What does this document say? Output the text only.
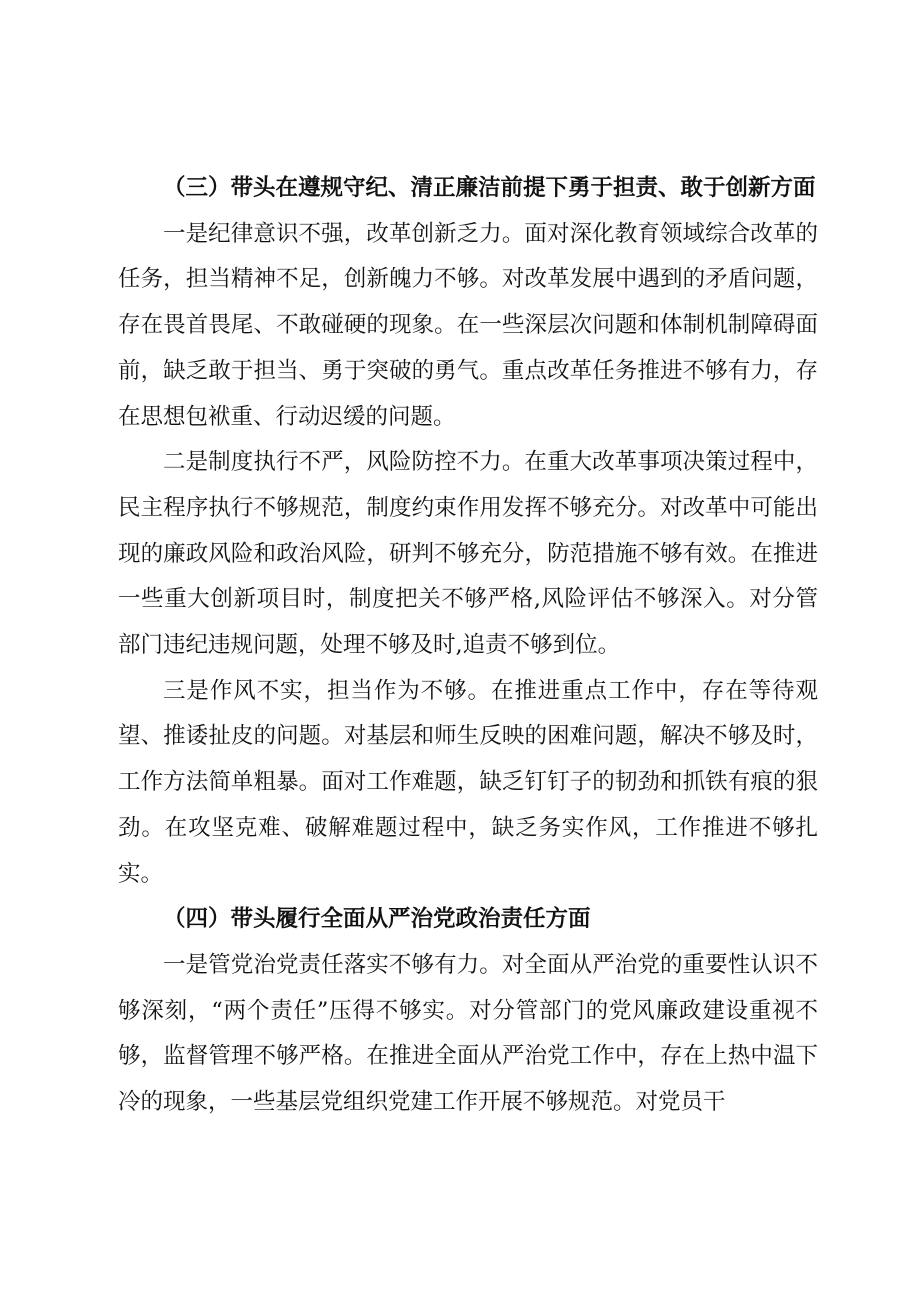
（三）带头在遵规守纪、清正廉洁前提下勇于担责、敢于创新方面

一是纪律意识不强，改革创新乏力。面对深化教育领域综合改革的任务，担当精神不足，创新魄力不够。对改革发展中遇到的矛盾问题，存在畏首畏尾、不敢碰硬的现象。在一些深层次问题和体制机制障碍面前，缺乏敢于担当、勇于突破的勇气。重点改革任务推进不够有力，存在思想包袱重、行动迟缓的问题。

二是制度执行不严，风险防控不力。在重大改革事项决策过程中，民主程序执行不够规范，制度约束作用发挥不够充分。对改革中可能出现的廉政风险和政治风险，研判不够充分，防范措施不够有效。在推进一些重大创新项目时，制度把关不够严格,风险评估不够深入。对分管部门违纪违规问题，处理不够及时,追责不够到位。

三是作风不实，担当作为不够。在推进重点工作中，存在等待观望、推诿扯皮的问题。对基层和师生反映的困难问题，解决不够及时，工作方法简单粗暴。面对工作难题，缺乏钉钉子的韧劲和抓铁有痕的狠劲。在攻坚克难、破解难题过程中，缺乏务实作风，工作推进不够扎实。

（四）带头履行全面从严治党政治责任方面

一是管党治党责任落实不够有力。对全面从严治党的重要性认识不够深刻，“两个责任”压得不够实。对分管部门的党风廉政建设重视不够，监督管理不够严格。在推进全面从严治党工作中，存在上热中温下冷的现象，一些基层党组织党建工作开展不够规范。对党员干
